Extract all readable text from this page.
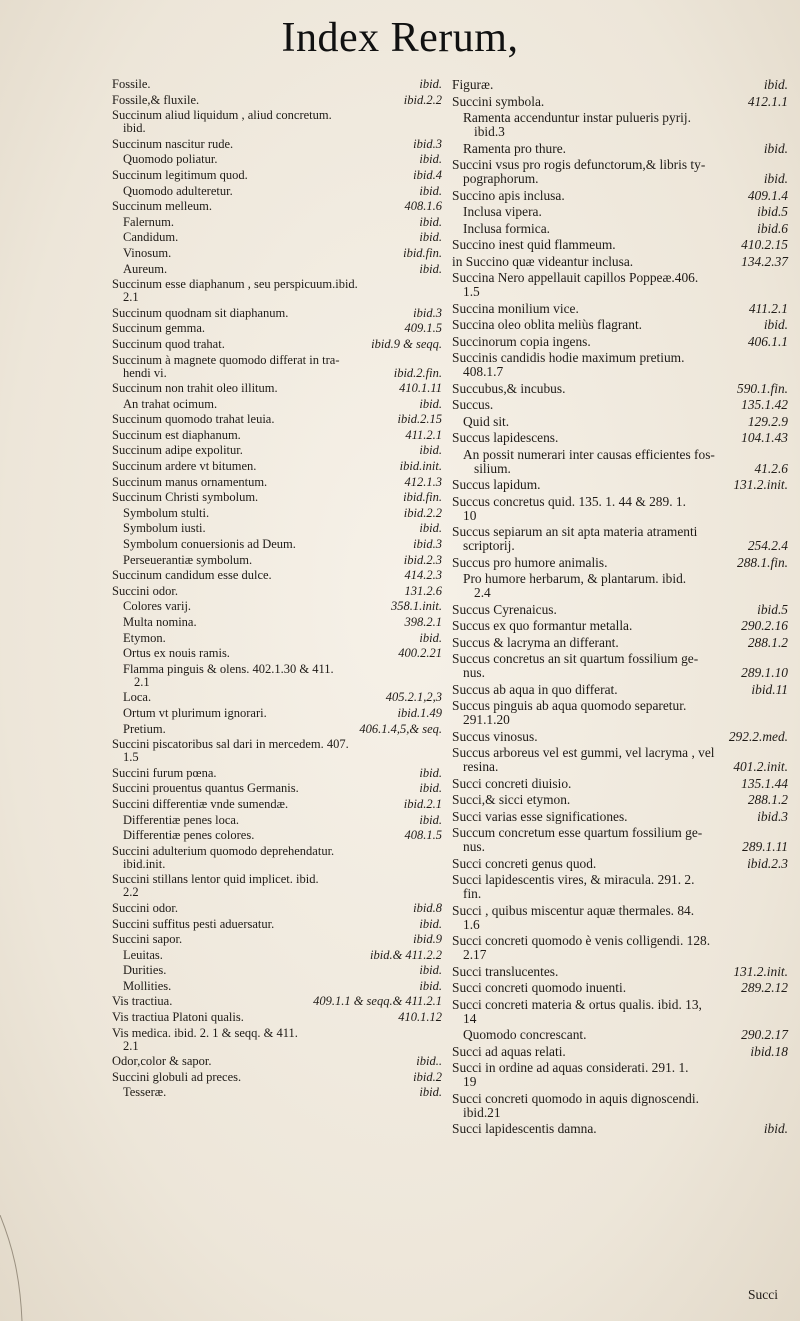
Index Rerum,
Fossile.	ibid.
Fossile,& fluxile.	ibid.2.2
Succinum aliud liquidum , aliud concretum.
ibid.
Succinum nascitur rude.	ibid.3
Quomodo poliatur.	ibid.
Succinum legitimum quod.	ibid.4
Quomodo adulteretur.	ibid.
Succinum melleum.	408.1.6
Falernum.	ibid.
Candidum.	ibid.
Vinosum.	ibid.fin.
Aureum.	ibid.
Succinum esse diaphanum , seu perspicuum.ibid.
2.1
Succinum quodnam sit diaphanum.	ibid.3
Succinum gemma.	409.1.5
Succinum quod trahat.	ibid.9 & seqq.
Succinum à magnete quomodo differat in tra-
hendi vi.	ibid.2.fin.
Succinum non trahit oleo illitum.	410.1.11
An trahat ocimum.	ibid.
Succinum quomodo trahat leuia.	ibid.2.15
Succinum est diaphanum.	411.2.1
Succinum adipe expolitur.	ibid.
Succinum ardere vt bitumen.	ibid.init.
Succinum manus ornamentum.	412.1.3
Succinum Christi symbolum.	ibid.fin.
Symbolum stulti.	ibid.2.2
Symbolum iusti.	ibid.
Symbolum conuersionis ad Deum.	ibid.3
Perseuerantiæ symbolum.	ibid.2.3
Succinum candidum esse dulce.	414.2.3
Succini odor.	131.2.6
Colores varij.	358.1.init.
Multa nomina.	398.2.1
Etymon.	ibid.
Ortus ex nouis ramis.	400.2.21
Flamma pinguis & olens. 402.1.30 & 411.
2.1
Loca.	405.2.1,2,3
Ortum vt plurimum ignorari.	ibid.1.49
Pretium.	406.1.4,5,& seq.
Succini piscatoribus sal dari in mercedem. 407.
1.5
Succini furum pœna.	ibid.
Succini prouentus quantus Germanis.	ibid.
Succini differentiæ vnde sumendæ.	ibid.2.1
Differentiæ penes loca.	ibid.
Differentiæ penes colores.	408.1.5
Succini adulterium quomodo deprehendatur.
ibid.init.
Succini stillans lentor quid implicet. ibid.
2.2
Succini odor.	ibid.8
Succini suffitus pesti aduersatur.	ibid.
Succini sapor.	ibid.9
Leuitas.	ibid.& 411.2.2
Durities.	ibid.
Mollities.	ibid.
Vis tractiua.	409.1.1 & seqq.& 411.2.1
Vis tractiua Platoni qualis.	410.1.12
Vis medica. ibid. 2. 1 & seqq. & 411.
2.1
Odor,color & sapor.	ibid..
Succini globuli ad preces.	ibid.2
Tesseræ.	ibid.
Figuræ.	ibid.
Succini symbola.	412.1.1
Ramenta accenduntur instar pulueris pyrij.
ibid.3
Ramenta pro thure.	ibid.
Succini vsus pro rogis defunctorum,& libris ty-
pographorum.	ibid.
Succino apis inclusa.	409.1.4
Inclusa vipera.	ibid.5
Inclusa formica.	ibid.6
Succino inest quid flammeum.	410.2.15
in Succino quæ videantur inclusa.	134.2.37
Succina Nero appellauit capillos Poppeæ.406.
1.5
Succina monilium vice.	411.2.1
Succina oleo oblita meliùs flagrant.	ibid.
Succinorum copia ingens.	406.1.1
Succinis candidis hodie maximum pretium.
408.1.7
Succubus,& incubus.	590.1.fin.
Succus.	135.1.42
Quid sit.	129.2.9
Succus lapidescens.	104.1.43
An possit numerari inter causas efficientes fos-
silium.	41.2.6
Succus lapidum.	131.2.init.
Succus concretus quid. 135. 1. 44 & 289. 1.
10
Succus sepiarum an sit apta materia atramenti
scriptorij.	254.2.4
Succus pro humore animalis.	288.1.fin.
Pro humore herbarum, & plantarum. ibid.
2.4
Succus Cyrenaicus.	ibid.5
Succus ex quo formantur metalla.	290.2.16
Succus & lacryma an differant.	288.1.2
Succus concretus an sit quartum fossilium ge-
nus.	289.1.10
Succus ab aqua in quo differat.	ibid.11
Succus pinguis ab aqua quomodo separetur.
291.1.20
Succus vinosus.	292.2.med.
Succus arboreus vel est gummi, vel lacryma , vel
resina.	401.2.init.
Succi concreti diuisio.	135.1.44
Succi,& sicci etymon.	288.1.2
Succi varias esse significationes.	ibid.3
Succum concretum esse quartum fossilium ge-
nus.	289.1.11
Succi concreti genus quod.	ibid.2.3
Succi lapidescentis vires, & miracula. 291. 2.
fin.
Succi , quibus miscentur aquæ thermales. 84.
1.6
Succi concreti quomodo è venis colligendi. 128.
2.17
Succi translucentes.	131.2.init.
Succi concreti quomodo inuenti.	289.2.12
Succi concreti materia & ortus qualis. ibid. 13,
14
Quomodo concrescant.	290.2.17
Succi ad aquas relati.	ibid.18
Succi in ordine ad aquas considerati. 291. 1.
19
Succi concreti quomodo in aquis dignoscendi.
ibid.21
Succi lapidescentis damna.	ibid.
Succi
